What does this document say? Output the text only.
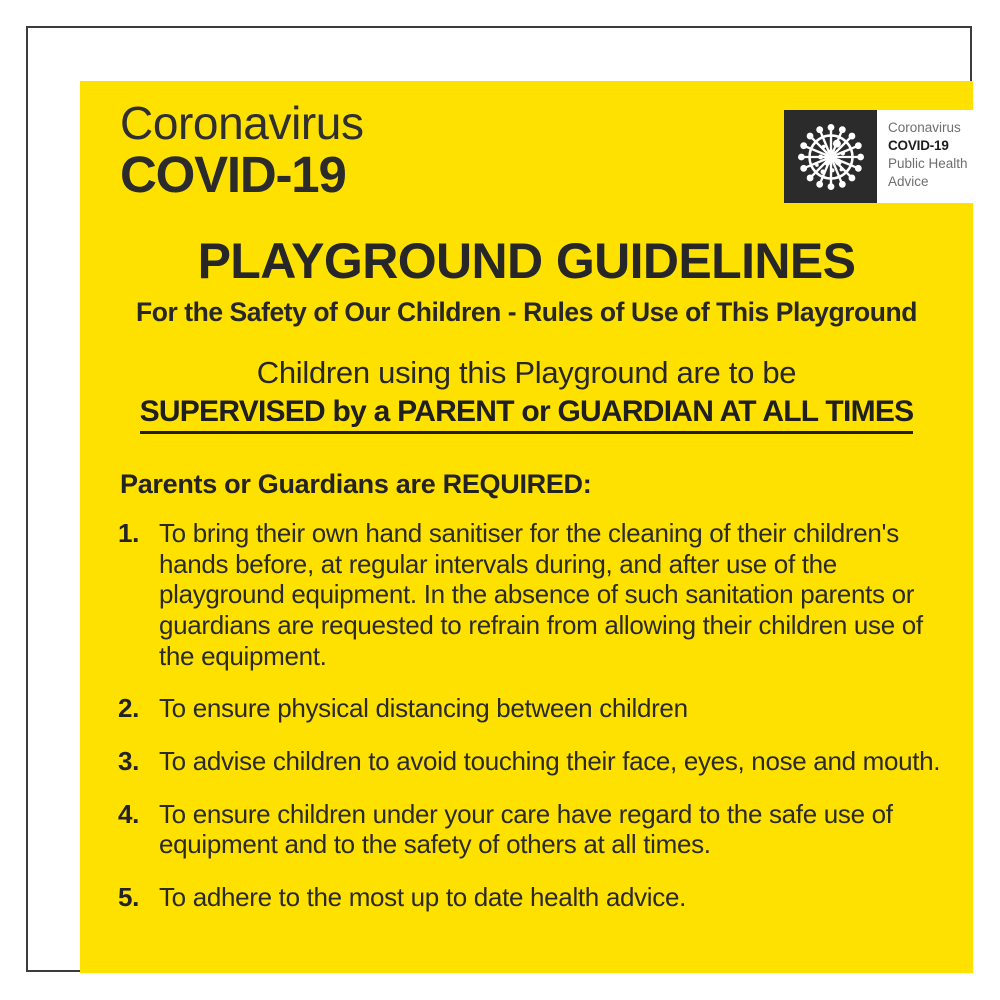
Coronavirus
COVID-19
Coronavirus
COVID-19
Public Health
Advice
PLAYGROUND GUIDELINES
For the Safety of Our Children - Rules of Use of This Playground
Children using this Playground are to be
SUPERVISED by a PARENT or GUARDIAN AT ALL TIMES
Parents or Guardians are REQUIRED:
1. To bring their own hand sanitiser for the cleaning of their children's hands before, at regular intervals during, and after use of the playground equipment. In the absence of such sanitation parents or guardians are requested to refrain from allowing their children use of the equipment.
2. To ensure physical distancing between children
3. To advise children to avoid touching their face, eyes, nose and mouth.
4. To ensure children under your care have regard to the safe use of equipment and to the safety of others at all times.
5. To adhere to the most up to date health advice.
